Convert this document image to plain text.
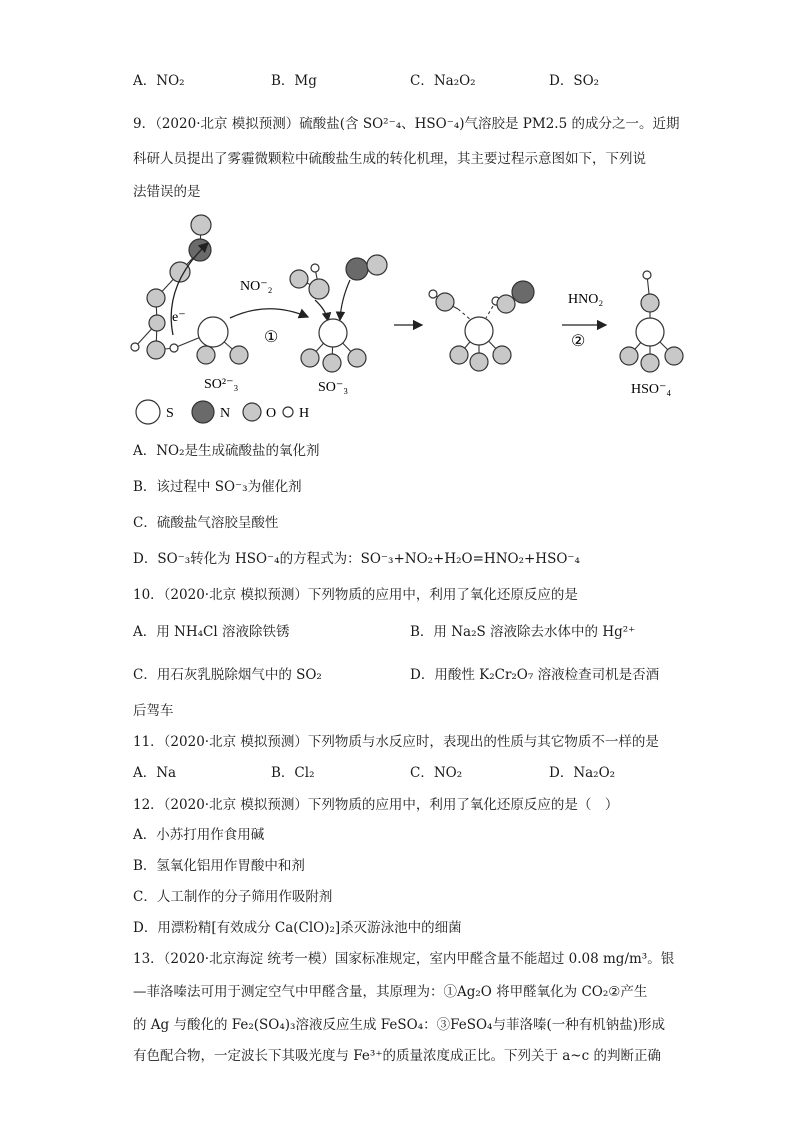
A．NO₂	B．Mg	C．Na₂O₂	D．SO₂
9．（2020·北京 模拟预测）硫酸盐(含 SO²⁻₄、HSO⁻₄)气溶胶是 PM2.5 的成分之一。近期
科研人员提出了雾霾微颗粒中硫酸盐生成的转化机理，其主要过程示意图如下，下列说
法错误的是
e⁻
SO²⁻₃
NO⁻₂
①
SO⁻₃
HNO₂
②
HSO⁻₄
S	N	O H
A．NO₂是生成硫酸盐的氧化剂
B．该过程中 SO⁻₃为催化剂
C．硫酸盐气溶胶呈酸性
D．SO⁻₃转化为 HSO⁻₄的方程式为：SO⁻₃+NO₂+H₂O=HNO₂+HSO⁻₄
10．（2020·北京 模拟预测）下列物质的应用中，利用了氧化还原反应的是
A．用 NH₄Cl 溶液除铁锈	B．用 Na₂S 溶液除去水体中的 Hg²⁺
C．用石灰乳脱除烟气中的 SO₂	D．用酸性 K₂Cr₂O₇ 溶液检查司机是否酒
后驾车
11．（2020·北京 模拟预测）下列物质与水反应时，表现出的性质与其它物质不一样的是
A．Na	B．Cl₂	C．NO₂	D．Na₂O₂
12．（2020·北京 模拟预测）下列物质的应用中，利用了氧化还原反应的是（　）
A．小苏打用作食用碱
B．氢氧化铝用作胃酸中和剂
C．人工制作的分子筛用作吸附剂
D．用漂粉精[有效成分 Ca(ClO)₂]杀灭游泳池中的细菌
13．（2020·北京海淀 统考一模）国家标准规定，室内甲醛含量不能超过 0.08 mg/m³。银
—菲洛嗪法可用于测定空气中甲醛含量，其原理为：①Ag₂O 将甲醛氧化为 CO₂②产生
的 Ag 与酸化的 Fe₂(SO₄)₃溶液反应生成 FeSO₄：③FeSO₄与菲洛嗪(一种有机钠盐)形成
有色配合物，一定波长下其吸光度与 Fe³⁺的质量浓度成正比。下列关于 a~c 的判断正确
